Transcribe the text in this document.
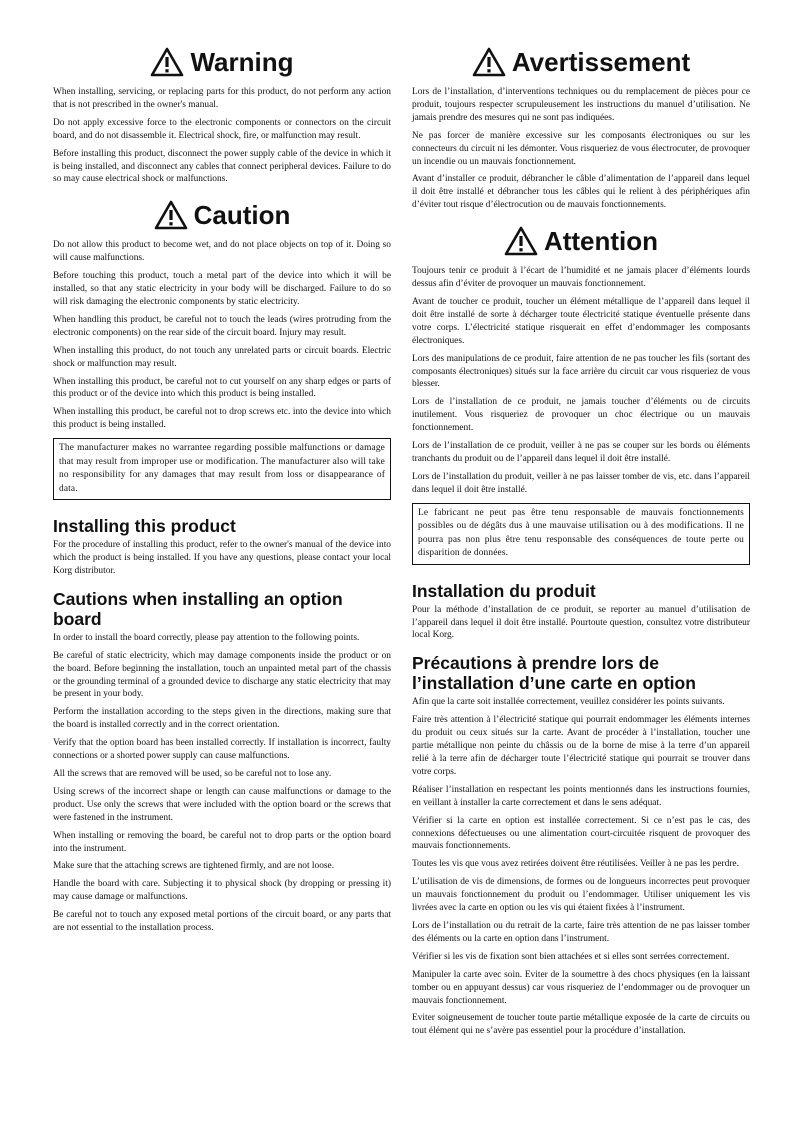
Warning

When installing, servicing, or replacing parts for this product, do not perform any action that is not prescribed in the owner's manual.

Do not apply excessive force to the electronic components or connectors on the circuit board, and do not disassemble it. Electrical shock, fire, or malfunction may result.

Before installing this product, disconnect the power supply cable of the device in which it is being installed, and disconnect any cables that connect peripheral devices. Failure to do so may cause electrical shock or malfunctions.

Caution

Do not allow this product to become wet, and do not place objects on top of it. Doing so will cause malfunctions.

Before touching this product, touch a metal part of the device into which it will be installed, so that any static electricity in your body will be discharged. Failure to do so will risk damaging the electronic components by static electricity.

When handling this product, be careful not to touch the leads (wires protruding from the electronic components) on the rear side of the circuit board. Injury may result.

When installing this product, do not touch any unrelated parts or circuit boards. Electric shock or malfunction may result.

When installing this product, be careful not to cut yourself on any sharp edges or parts of this product or of the device into which this product is being installed.

When installing this product, be careful not to drop screws etc. into the device into which this product is being installed.

The manufacturer makes no warrantee regarding possible malfunctions or damage that may result from improper use or modification. The manufacturer also will take no responsibility for any damages that may result from loss or disappearance of data.

Installing this product

For the procedure of installing this product, refer to the owner's manual of the device into which the product is being installed. If you have any questions, please contact your local Korg distributor.

Cautions when installing an option board

In order to install the board correctly, please pay attention to the following points.

Be careful of static electricity, which may damage components inside the product or on the board. Before beginning the installation, touch an unpainted metal part of the chassis or the grounding terminal of a grounded device to discharge any static electricity that may be present in your body.

Perform the installation according to the steps given in the directions, making sure that the board is installed correctly and in the correct orientation.

Verify that the option board has been installed correctly. If installation is incorrect, faulty connections or a shorted power supply can cause malfunctions.

All the screws that are removed will be used, so be careful not to lose any.

Using screws of the incorrect shape or length can cause malfunctions or damage to the product. Use only the screws that were included with the option board or the screws that were fastened in the instrument.

When installing or removing the board, be careful not to drop parts or the option board into the instrument.

Make sure that the attaching screws are tightened firmly, and are not loose.

Handle the board with care. Subjecting it to physical shock (by dropping or pressing it) may cause damage or malfunctions.

Be careful not to touch any exposed metal portions of the circuit board, or any parts that are not essential to the installation process.

Avertissement

Lors de l’installation, d’interventions techniques ou du remplacement de pièces pour ce produit, toujours respecter scrupuleusement les instructions du manuel d’utilisation. Ne jamais prendre des mesures qui ne sont pas indiquées.

Ne pas forcer de manière excessive sur les composants électroniques ou sur les connecteurs du circuit ni les démonter. Vous risqueriez de vous électrocuter, de provoquer un incendie ou un mauvais fonctionnement.

Avant d’installer ce produit, débrancher le câble d’alimentation de l’appareil dans lequel il doit être installé et débrancher tous les câbles qui le relient à des périphériques afin d’éviter tout risque d’électrocution ou de mauvais fonctionnements.

Attention

Toujours tenir ce produit à l’écart de l’humidité et ne jamais placer d’éléments lourds dessus afin d’éviter de provoquer un mauvais fonctionnement.

Avant de toucher ce produit, toucher un élément métallique de l’appareil dans lequel il doit être installé de sorte à décharger toute électricité statique éventuelle présente dans votre corps. L’électricité statique risquerait en effet d’endommager les composants électroniques.

Lors des manipulations de ce produit, faire attention de ne pas toucher les fils (sortant des composants électroniques) situés sur la face arrière du circuit car vous risqueriez de vous blesser.

Lors de l’installation de ce produit, ne jamais toucher d’éléments ou de circuits inutilement. Vous risqueriez de provoquer un choc électrique ou un mauvais fonctionnement.

Lors de l’installation de ce produit, veiller à ne pas se couper sur les bords ou éléments tranchants du produit ou de l’appareil dans lequel il doit être installé.

Lors de l’installation du produit, veiller à ne pas laisser tomber de vis, etc. dans l’appareil dans lequel il doit être installé.

Le fabricant ne peut pas être tenu responsable de mauvais fonctionnements possibles ou de dégâts dus à une mauvaise utilisation ou à des modifications. Il ne pourra pas non plus être tenu responsable des conséquences de toute perte ou disparition de données.

Installation du produit

Pour la méthode d’installation de ce produit, se reporter au manuel d’utilisation de l’appareil dans lequel il doit être installé. Pourtoute question, consultez votre distributeur local Korg.

Précautions à prendre lors de l’installation d’une carte en option

Afin que la carte soit installée correctement, veuillez considérer les points suivants.

Faire très attention à l’électricité statique qui pourrait endommager les éléments internes du produit ou ceux situés sur la carte. Avant de procéder à l’installation, toucher une partie métallique non peinte du châssis ou de la borne de mise à la terre d’un appareil relié à la terre afin de décharger toute l’électricité statique qui pourrait se trouver dans votre corps.

Réaliser l’installation en respectant les points mentionnés dans les instructions fournies, en veillant à installer la carte correctement et dans le sens adéquat.

Vérifier si la carte en option est installée correctement. Si ce n’est pas le cas, des connexions défectueuses ou une alimentation court-circuitée risquent de provoquer des mauvais fonctionnements.

Toutes les vis que vous avez retirées doivent être réutilisées. Veiller à ne pas les perdre.

L’utilisation de vis de dimensions, de formes ou de longueurs incorrectes peut provoquer un mauvais fonctionnement du produit ou l’endommager. Utiliser uniquement les vis livrées avec la carte en option ou les vis qui étaient fixées à l’instrument.

Lors de l’installation ou du retrait de la carte, faire très attention de ne pas laisser tomber des éléments ou la carte en option dans l’instrument.

Vérifier si les vis de fixation sont bien attachées et si elles sont serrées correctement.

Manipuler la carte avec soin. Eviter de la soumettre à des chocs physiques (en la laissant tomber ou en appuyant dessus) car vous risqueriez de l’endommager ou de provoquer un mauvais fonctionnement.

Eviter soigneusement de toucher toute partie métallique exposée de la carte de circuits ou tout élément qui ne s’avère pas essentiel pour la procédure d’installation.
